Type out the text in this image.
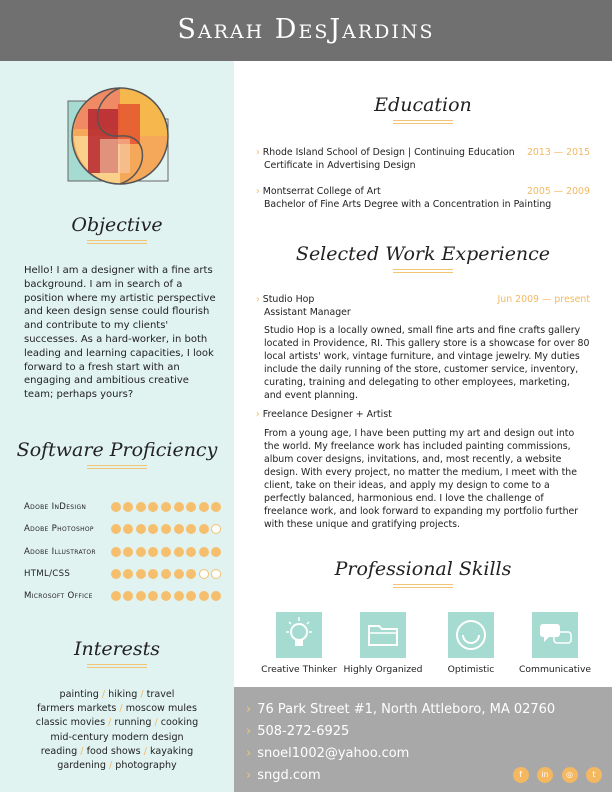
Sarah DesJardins
Objective

Hello! I am a designer with a fine arts background. I am in search of a position where my artistic perspective and keen design sense could flourish and contribute to my clients' successes. As a hard-worker, in both leading and learning capacities, I look forward to a fresh start with an engaging and ambitious creative team; perhaps yours?

Software Proficiency
Adobe InDesign
Adobe Photoshop
Adobe Illustrator
HTML/CSS
Microsoft Office
Interests
painting / hiking / travel
farmers markets / moscow mules
classic movies / running / cooking
mid-century modern design
reading / food shows / kayaking
gardening / photography
Education
› Rhode Island School of Design | Continuing Education	2013 — 2015
Certificate in Advertising Design
› Montserrat College of Art	2005 — 2009
Bachelor of Fine Arts Degree with a Concentration in Painting
Selected Work Experience
› Studio Hop	Jun 2009 — present
Assistant Manager
Studio Hop is a locally owned, small fine arts and fine crafts gallery located in Providence, RI. This gallery store is a showcase for over 80 local artists' work, vintage furniture, and vintage jewelry. My duties include the daily running of the store, customer service, inventory, curating, training and delegating to other employees, marketing, and event planning.
› Freelance Designer + Artist
From a young age, I have been putting my art and design out into the world. My freelance work has included painting commissions, album cover designs, invitations, and, most recently, a website design. With every project, no matter the medium, I meet with the client, take on their ideas, and apply my design to come to a perfectly balanced, harmonious end. I love the challenge of freelance work, and look forward to expanding my portfolio further with these unique and gratifying projects.
Professional Skills
Creative Thinker Highly Organized	Optimistic	Communicative
› 76 Park Street #1, North Attleboro, MA 02760
› 508-272-6925
› snoel1002@yahoo.com
› sngd.com	f	in	◎	t
